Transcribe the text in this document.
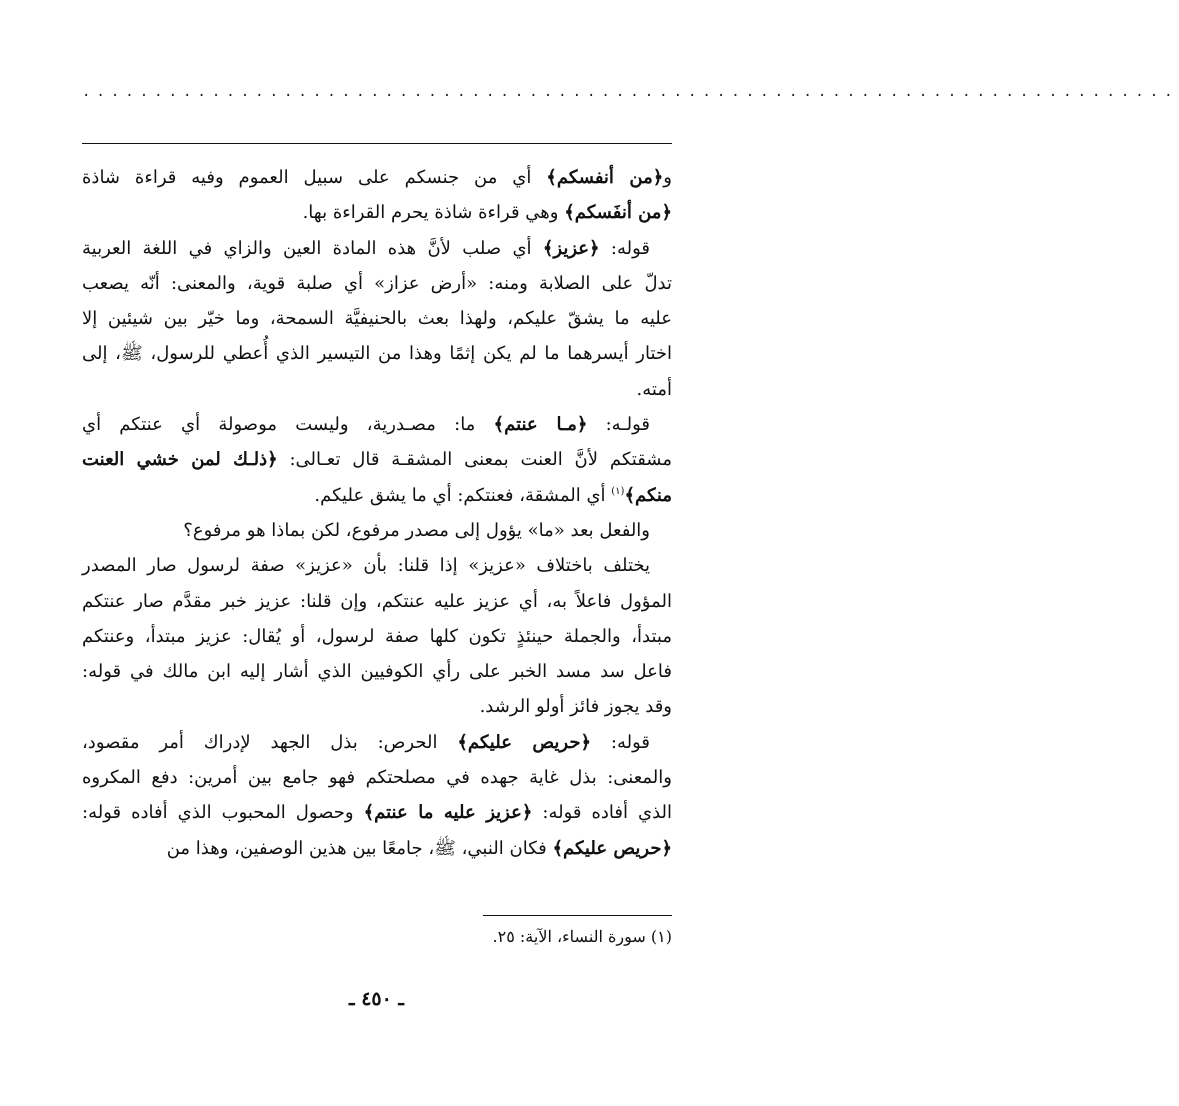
............................................................................

و﴿من أنفسكم﴾ أي من جنسكم على سبيل العموم وفيه قراءة شاذة

﴿من أنفَسكم﴾ وهي قراءة شاذة يحرم القراءة بها.

قوله: ﴿عزيز﴾ أي صلب لأنَّ هذه المادة العين والزاي في اللغة العربية

تدلّ على الصلابة ومنه: «أرض عزاز» أي صلبة قوية، والمعنى: أنّه يصعب

عليه ما يشقّ عليكم، ولهذا بعث بالحنيفيَّة السمحة، وما خيّر بين شيئين إلا

اختار أيسرهما ما لم يكن إثمًا وهذا من التيسير الذي أُعطي للرسول، ﷺ، إلى

أمته.

قولـه: ﴿مـا عنتم﴾ ما: مصـدرية، وليست موصولة أي عنتكم أي

مشقتكم لأنَّ العنت بمعنى المشقـة قال تعـالى: ﴿ذلـك لمن خشي العنت

منكم﴾$^{(١)}$ أي المشقة، فعنتكم: أي ما يشق عليكم.

والفعل بعد «ما» يؤول إلى مصدر مرفوع، لكن بماذا هو مرفوع؟

يختلف باختلاف «عزيز» إذا قلنا: بأن «عزيز» صفة لرسول صار المصدر

المؤول فاعلاً به، أي عزيز عليه عنتكم، وإن قلنا: عزيز خبر مقدَّم صار عنتكم

مبتدأ، والجملة حينئذٍ تكون كلها صفة لرسول، أو يُقال: عزيز مبتدأ، وعنتكم

فاعل سد مسد الخبر على رأي الكوفيين الذي أشار إليه ابن مالك في قوله:

وقد يجوز فائز أولو الرشد.

قوله: ﴿حريص عليكم﴾ الحرص: بذل الجهد لإدراك أمر مقصود،

والمعنى: بذل غاية جهده في مصلحتكم فهو جامع بين أمرين: دفع المكروه

الذي أفاده قوله: ﴿عزيز عليه ما عنتم﴾ وحصول المحبوب الذي أفاده قوله:

﴿حريص عليكم﴾ فكان النبي، ﷺ، جامعًا بين هذين الوصفين، وهذا من

(١) سورة النساء، الآية: ٢٥.
ـ ٤٥٠ ـ
